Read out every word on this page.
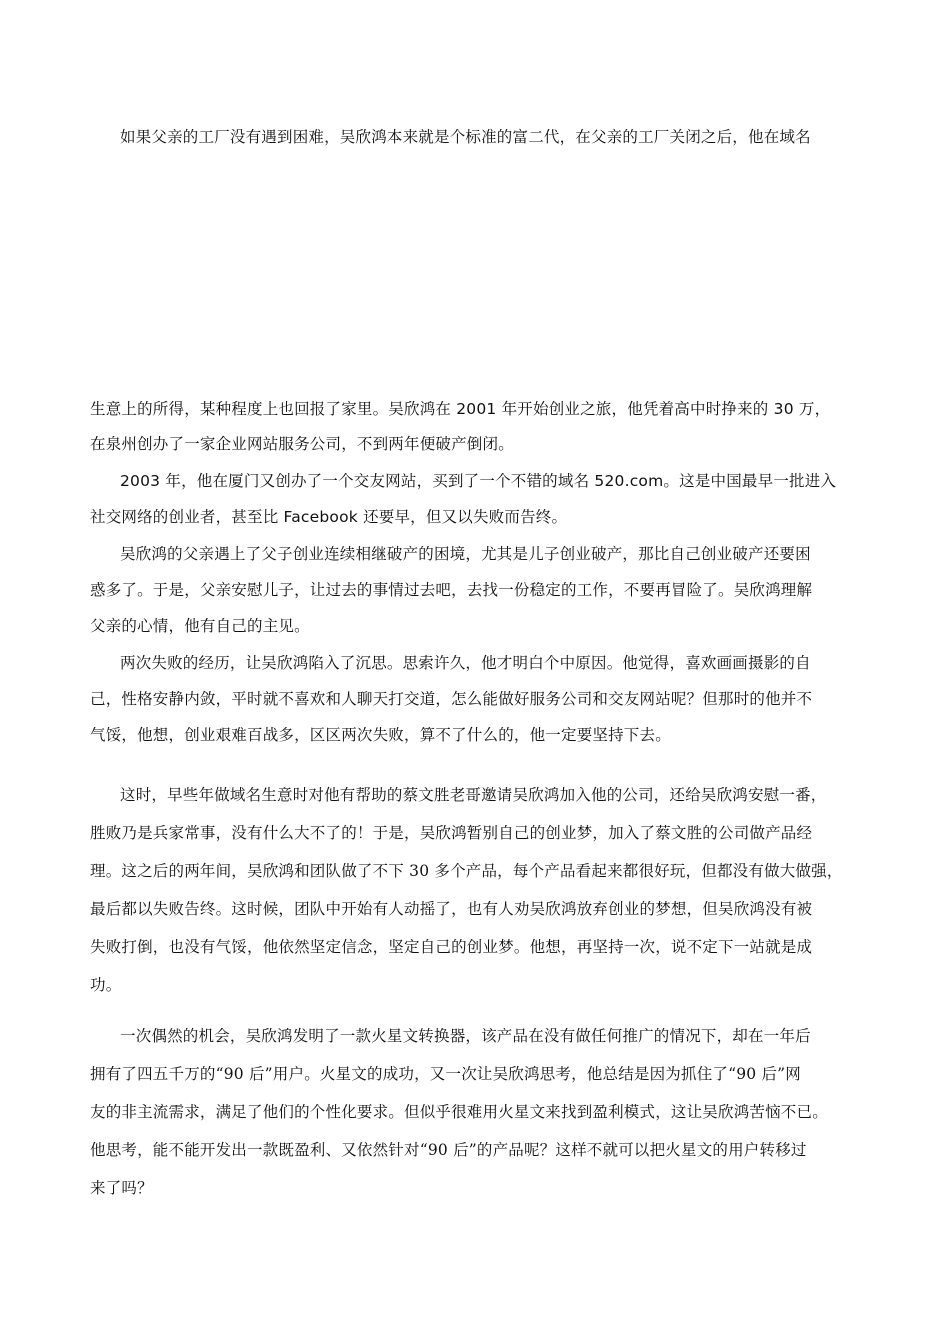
如果父亲的工厂没有遇到困难，吴欣鸿本来就是个标准的富二代，在父亲的工厂关闭之后，他在域名
生意上的所得，某种程度上也回报了家里。吴欣鸿在 2001 年开始创业之旅，他凭着高中时挣来的 30 万，
在泉州创办了一家企业网站服务公司，不到两年便破产倒闭。
2003 年，他在厦门又创办了一个交友网站，买到了一个不错的域名 520.com。这是中国最早一批进入
社交网络的创业者，甚至比 Facebook 还要早，但又以失败而告终。
吴欣鸿的父亲遇上了父子创业连续相继破产的困境，尤其是儿子创业破产，那比自己创业破产还要困
惑多了。于是，父亲安慰儿子，让过去的事情过去吧，去找一份稳定的工作，不要再冒险了。吴欣鸿理解
父亲的心情，他有自己的主见。
两次失败的经历，让吴欣鸿陷入了沉思。思索许久，他才明白个中原因。他觉得，喜欢画画摄影的自
己，性格安静内敛，平时就不喜欢和人聊天打交道，怎么能做好服务公司和交友网站呢？但那时的他并不
气馁，他想，创业艰难百战多，区区两次失败，算不了什么的，他一定要坚持下去。
这时，早些年做域名生意时对他有帮助的蔡文胜老哥邀请吴欣鸿加入他的公司，还给吴欣鸿安慰一番，
胜败乃是兵家常事，没有什么大不了的！于是，吴欣鸿暂别自己的创业梦，加入了蔡文胜的公司做产品经
理。这之后的两年间，吴欣鸿和团队做了不下 30 多个产品，每个产品看起来都很好玩，但都没有做大做强，
最后都以失败告终。这时候，团队中开始有人动摇了，也有人劝吴欣鸿放弃创业的梦想，但吴欣鸿没有被
失败打倒，也没有气馁，他依然坚定信念，坚定自己的创业梦。他想，再坚持一次，说不定下一站就是成
功。
一次偶然的机会，吴欣鸿发明了一款火星文转换器，该产品在没有做任何推广的情况下，却在一年后
拥有了四五千万的“90 后”用户。火星文的成功，又一次让吴欣鸿思考，他总结是因为抓住了“90 后”网
友的非主流需求，满足了他们的个性化要求。但似乎很难用火星文来找到盈利模式，这让吴欣鸿苦恼不已。
他思考，能不能开发出一款既盈利、又依然针对“90 后”的产品呢？这样不就可以把火星文的用户转移过
来了吗？
